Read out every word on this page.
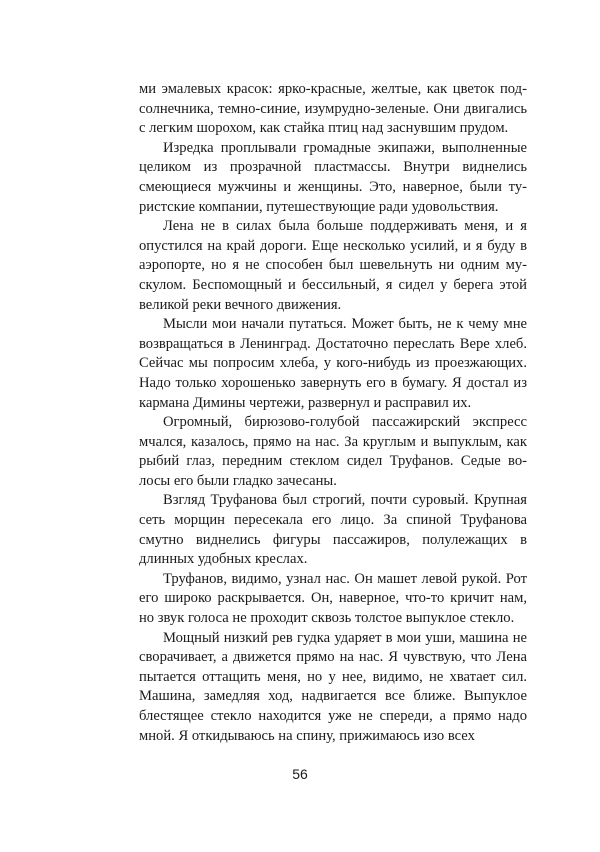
ми эмалевых красок: ярко-красные, желтые, как цветок подсолнечника, темно-синие, изумрудно-зеленые. Они двигались с легким шорохом, как стайка птиц над заснувшим прудом.

Изредка проплывали громадные экипажи, выполненные целиком из прозрачной пластмассы. Внутри виднелись смеющиеся мужчины и женщины. Это, наверное, были туристские компании, путешествующие ради удовольствия.

Лена не в силах была больше поддерживать меня, и я опустился на край дороги. Еще несколько усилий, и я буду в аэропорте, но я не способен был шевельнуть ни одним мускулом. Беспомощный и бессильный, я сидел у берега этой великой реки вечного движения.

Мысли мои начали путаться. Может быть, не к чему мне возвращаться в Ленинград. Достаточно переслать Вере хлеб. Сейчас мы попросим хлеба, у кого-нибудь из проезжающих. Надо только хорошенько завернуть его в бумагу. Я достал из кармана Димины чертежи, развернул и расправил их.

Огромный, бирюзово-голубой пассажирский экспресс мчался, казалось, прямо на нас. За круглым и выпуклым, как рыбий глаз, передним стеклом сидел Труфанов. Седые волосы его были гладко зачесаны.

Взгляд Труфанова был строгий, почти суровый. Крупная сеть морщин пересекала его лицо. За спиной Труфанова смутно виднелись фигуры пассажиров, полулежащих в длинных удобных креслах.

Труфанов, видимо, узнал нас. Он машет левой рукой. Рот его широко раскрывается. Он, наверное, что-то кричит нам, но звук голоса не проходит сквозь толстое выпуклое стекло.

Мощный низкий рев гудка ударяет в мои уши, машина не сворачивает, а движется прямо на нас. Я чувствую, что Лена пытается оттащить меня, но у нее, видимо, не хватает сил. Машина, замедляя ход, надвигается все ближе. Выпуклое блестящее стекло находится уже не спереди, а прямо надо мной. Я откидываюсь на спину, прижимаюсь изо всех

56
